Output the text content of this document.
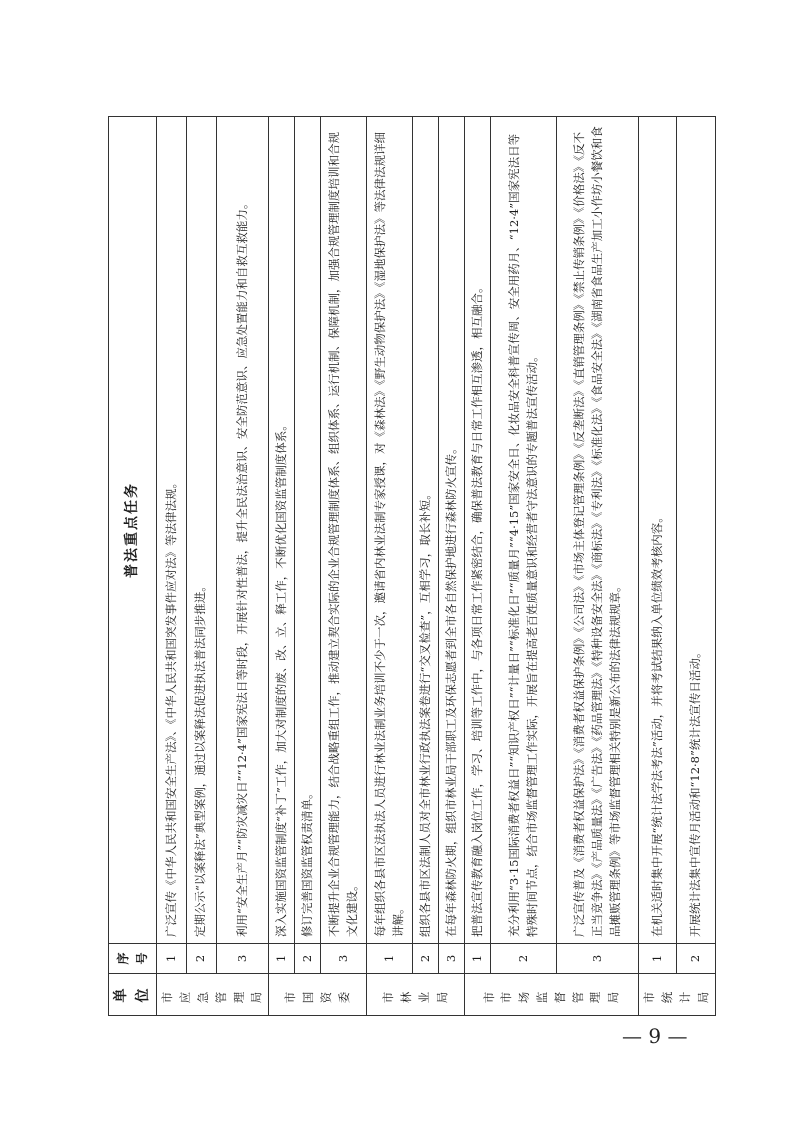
单位	序号	普法重点任务
市应急管理局	1	广泛宣传《中华人民共和国安全生产法》、《中华人民共和国突发事件应对法》等法律法规。
	2	定期公示“以案释法”典型案例，通过以案释法促进执法普法同步推进。
	3	利用“安全生产月”“防灾减灾日”“12·4”国家宪法日等时段，开展针对性普法，提升全民法治意识、安全防范意识、应急处置能力和自救互救能力。
市国资委	1	深入实施国资监管制度“补丁”工作，加大对制度的废、改、立、释工作，不断优化国资监管制度体系。
	2	修订完善国资监管权责清单。
	3	不断提升企业合规管理能力，结合战略重组工作，推动建立契合实际的企业合规管理制度体系、组织体系、运行机制、保障机制，加强合规管理制度培训和合规文化建设。
市林业局	1	每年组织各县市区法执法人员进行林业法制业务培训不少于一次，邀请省内林业法制专家授课，对《森林法》《野生动物保护法》《湿地保护法》等法律法规详细讲解。
	2	组织各县市区法制人员对全市林业行政执法案卷进行“交叉检查”，互相学习，取长补短。
	3	在每年森林防火期，组织市林业局干部职工及环保志愿者到全市各自然保护地进行森林防火宣传。
市市场监督管理局	1	把普法宣传教育融入岗位工作，学习、培训等工作中，与各项日常工作紧密结合，确保普法教育与日常工作相互渗透，相互融合。
	2	充分利用“3·15国际消费者权益日”“知识产权日”“计量日”“标准化日”“质量月”“4·15”国家安全日、化妆品安全科普宣传周、安全用药月、“12·4”国家宪法日等特殊时间节点，结合市场监督管理工作实际，开展旨在提高老百姓质量意识和经营者守法意识的专题普法宣传活动。
	3	广泛宣传普及《消费者权益保护法》《消费者权益保护条例》《公司法》《市场主体登记管理条例》《反垄断法》《直销管理条例》《禁止传销条例》《价格法》《反不正当竞争法》《产品质量法》《广告法》《药品管理法》《特种设备安全法》《商标法》《专利法》《标准化法》《食品安全法》《湖南省食品生产加工小作坊小餐饮和食品摊贩管理条例》等市场监督管理相关特别是新公布的法律法规规章。
市统计局	1	在机关适时集中开展“统计法学法考法”活动，并将考试结果纳入单位绩效考核内容。
	2	开展统计法集中宣传月活动和“12·8”统计法宣传日活动。
— 9 —
